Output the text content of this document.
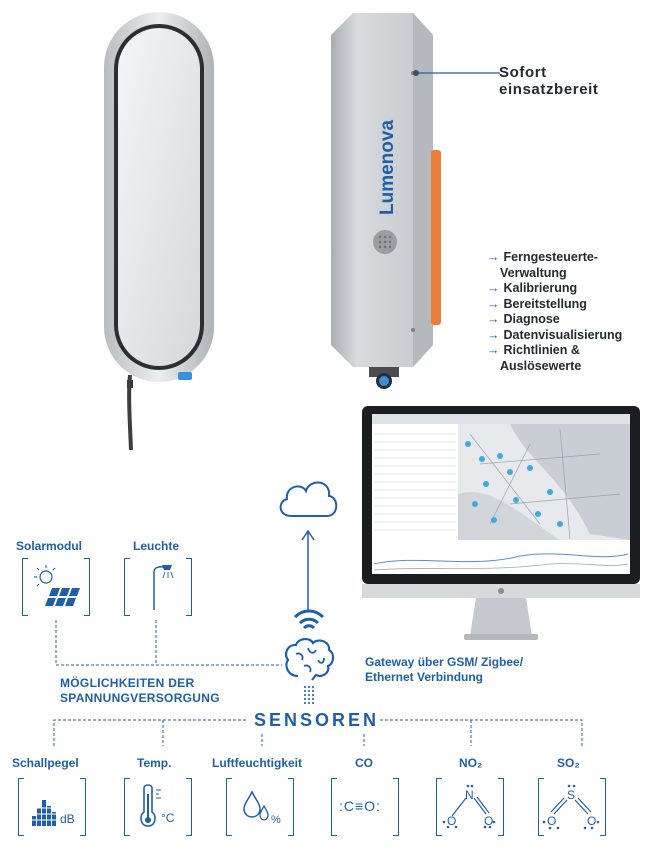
Lumenova
Sofort
einsatzbereit
→ Ferngesteuerte-
Verwaltung
→ Kalibrierung
→ Bereitstellung
→ Diagnose
→ Datenvisualisierung
→ Richtlinien &
Auslösewerte
Gateway über GSM/ Zigbee/
Ethernet Verbindung
Solarmodul	Leuchte
MÖGLICHKEITEN DER
SPANNUNGVERSORGUNG
SENSOREN
Schallpegel	Temp.	Luftfeuchtigkeit	CO	NO₂	SO₂
dB	°C	%
:C≡O:
N
O O
S
O	O
